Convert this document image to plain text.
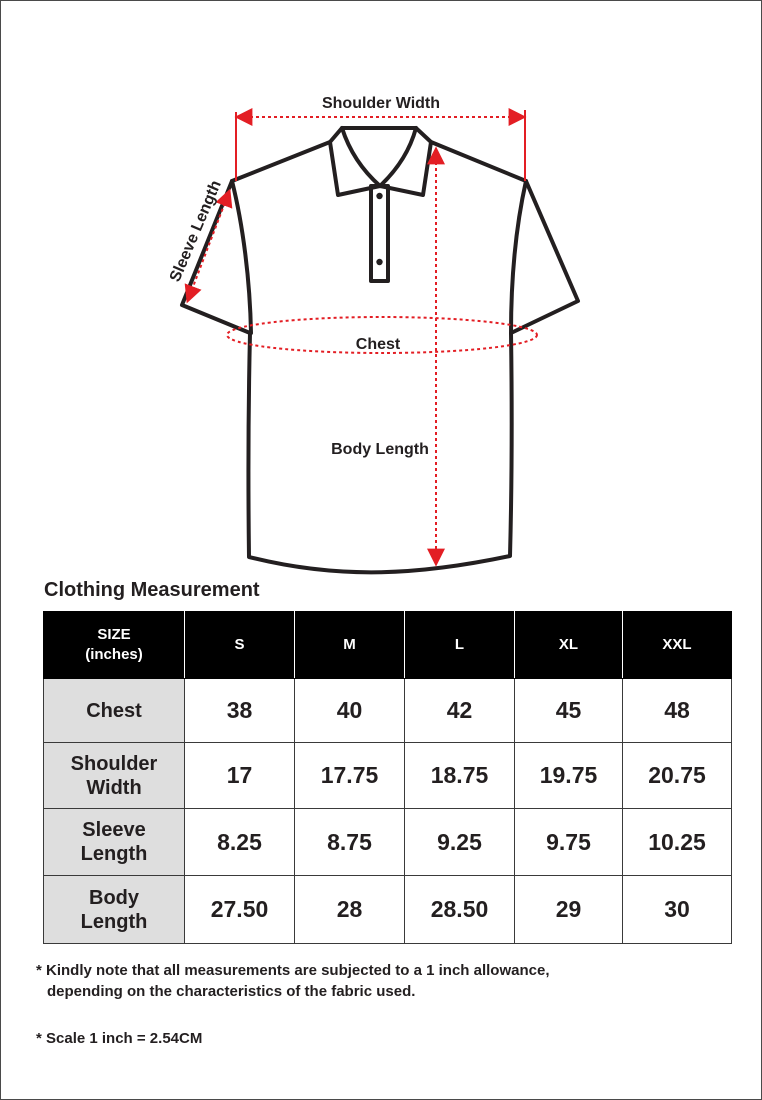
Shoulder Width
Sleeve Length
Chest
Body Length
Clothing Measurement
SIZE
(inches)	S	M	L	XL	XXL
Chest	38	40	42	45	48
Shoulder
Width	17	17.75	18.75	19.75	20.75
Sleeve
Length	8.25	8.75	9.25	9.75	10.25
Body
Length	27.50	28	28.50	29	30

* Kindly note that all measurements are subjected to a 1 inch allowance,

depending on the characteristics of the fabric used.

* Scale 1 inch = 2.54CM
